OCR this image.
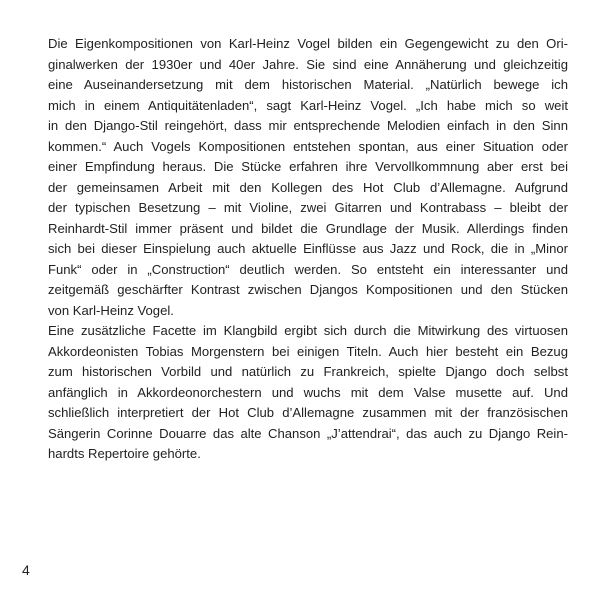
Die Eigenkompositionen von Karl-Heinz Vogel bilden ein Gegengewicht zu den Ori-
ginalwerken der 1930er und 40er Jahre. Sie sind eine Annäherung und gleichzeitig
eine Auseinandersetzung mit dem historischen Material. „Natürlich bewege ich
mich in einem Antiquitätenladen“, sagt Karl-Heinz Vogel. „Ich habe mich so weit
in den Django-Stil reingehört, dass mir entsprechende Melodien einfach in den Sinn
kommen.“ Auch Vogels Kompositionen entstehen spontan, aus einer Situation oder
einer Empfindung heraus. Die Stücke erfahren ihre Vervollkommnung aber erst bei
der gemeinsamen Arbeit mit den Kollegen des Hot Club d’Allemagne. Aufgrund
der typischen Besetzung – mit Violine, zwei Gitarren und Kontrabass – bleibt der
Reinhardt-Stil immer präsent und bildet die Grundlage der Musik. Allerdings finden
sich bei dieser Einspielung auch aktuelle Einflüsse aus Jazz und Rock, die in „Minor
Funk“ oder in „Construction“ deutlich werden. So entsteht ein interessanter und
zeitgemäß geschärfter Kontrast zwischen Djangos Kompositionen und den Stücken
von Karl-Heinz Vogel.
Eine zusätzliche Facette im Klangbild ergibt sich durch die Mitwirkung des virtuosen
Akkordeonisten Tobias Morgenstern bei einigen Titeln. Auch hier besteht ein Bezug
zum historischen Vorbild und natürlich zu Frankreich, spielte Django doch selbst
anfänglich in Akkordeonorchestern und wuchs mit dem Valse musette auf. Und
schließlich interpretiert der Hot Club d’Allemagne zusammen mit der französischen
Sängerin Corinne Douarre das alte Chanson „J’attendrai“, das auch zu Django Rein-
hardts Repertoire gehörte.
4
